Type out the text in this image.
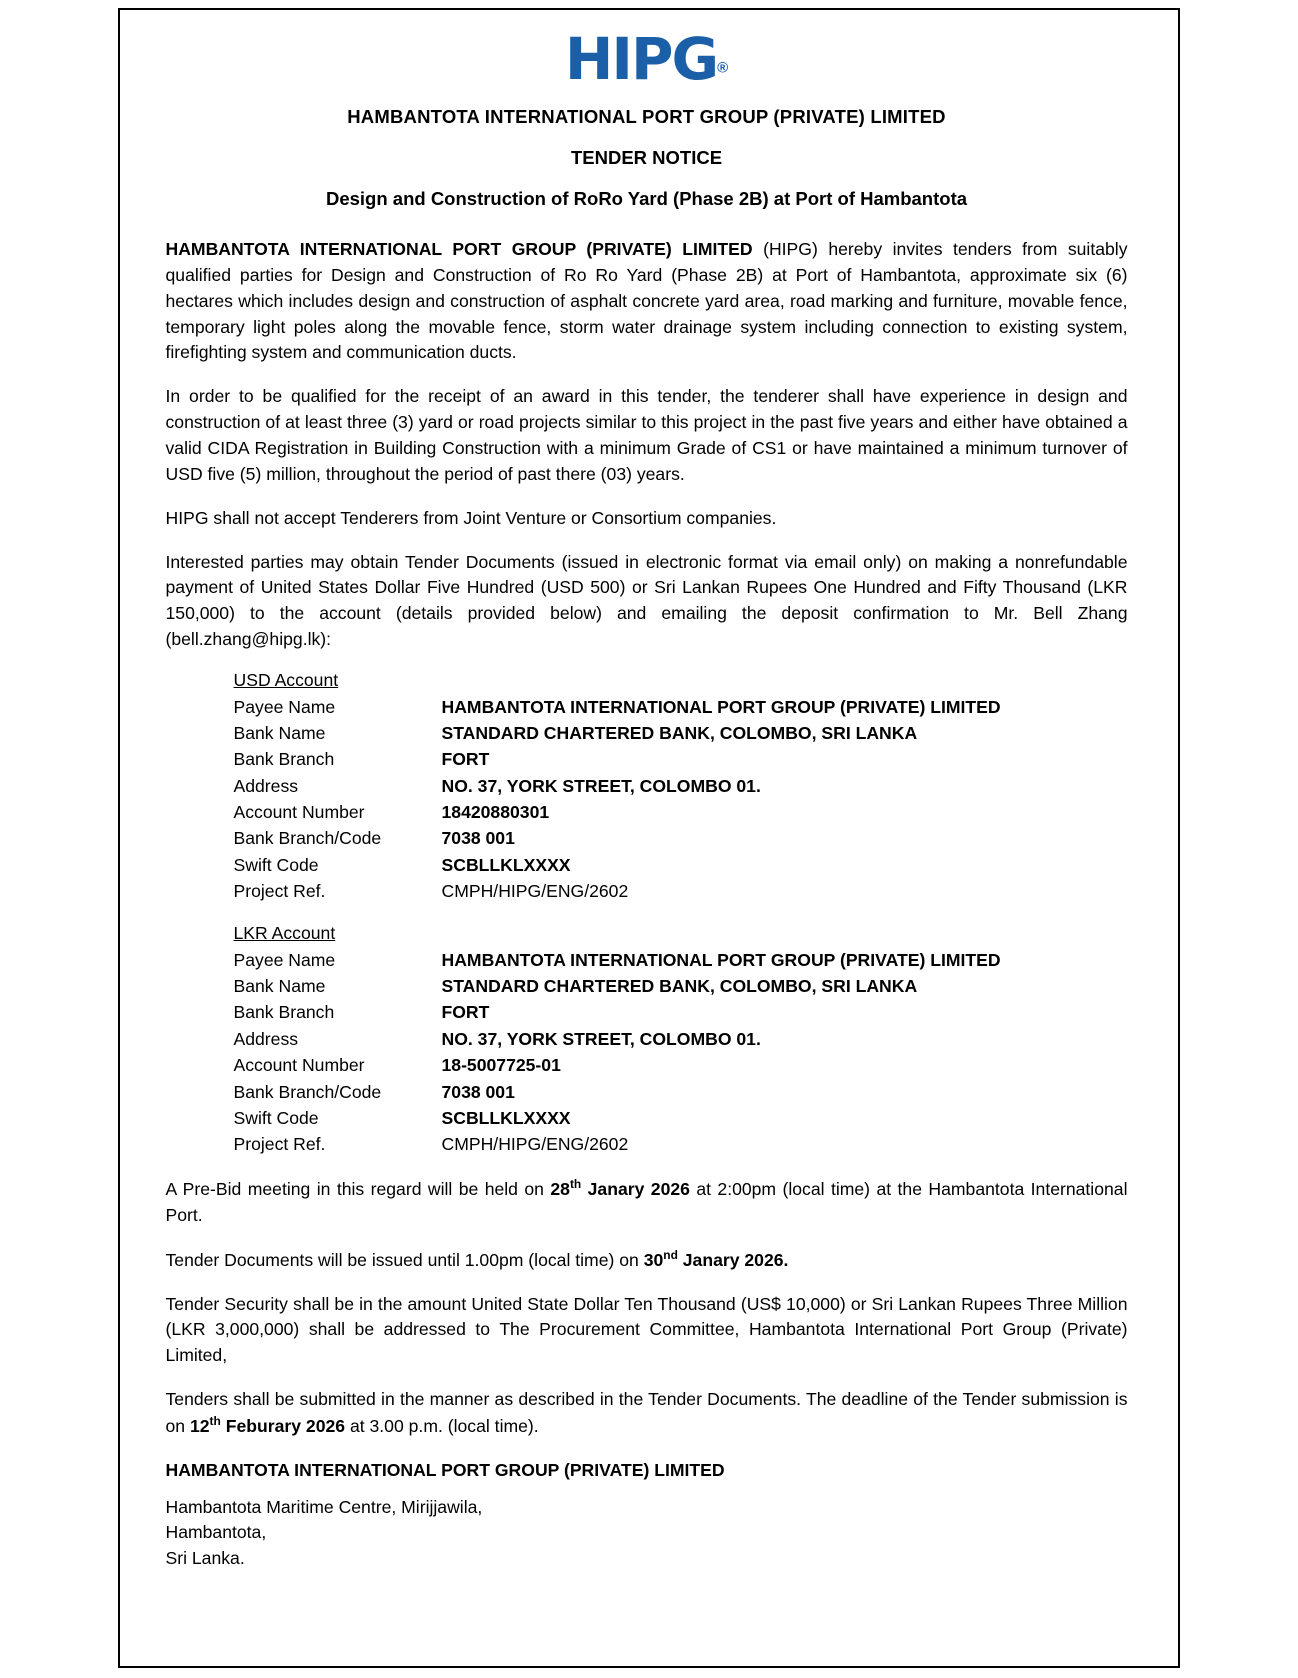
HIPG®
HAMBANTOTA INTERNATIONAL PORT GROUP (PRIVATE) LIMITED
TENDER NOTICE
Design and Construction of RoRo Yard (Phase 2B) at Port of Hambantota

HAMBANTOTA INTERNATIONAL PORT GROUP (PRIVATE) LIMITED (HIPG) hereby invites tenders from suitably qualified parties for Design and Construction of Ro Ro Yard (Phase 2B) at Port of Hambantota, approximate six (6) hectares which includes design and construction of asphalt concrete yard area, road marking and furniture, movable fence, temporary light poles along the movable fence, storm water drainage system including connection to existing system, firefighting system and communication ducts.

In order to be qualified for the receipt of an award in this tender, the tenderer shall have experience in design and construction of at least three (3) yard or road projects similar to this project in the past five years and either have obtained a valid CIDA Registration in Building Construction with a minimum Grade of CS1 or have maintained a minimum turnover of USD five (5) million, throughout the period of past there (03) years.

HIPG shall not accept Tenderers from Joint Venture or Consortium companies.

Interested parties may obtain Tender Documents (issued in electronic format via email only) on making a nonrefundable payment of United States Dollar Five Hundred (USD 500) or Sri Lankan Rupees One Hundred and Fifty Thousand (LKR 150,000) to the account (details provided below) and emailing the deposit confirmation to Mr. Bell Zhang (bell.zhang@hipg.lk):

USD Account
Payee Name	HAMBANTOTA INTERNATIONAL PORT GROUP (PRIVATE) LIMITED
Bank Name	STANDARD CHARTERED BANK, COLOMBO, SRI LANKA
Bank Branch	FORT
Address	NO. 37, YORK STREET, COLOMBO 01.
Account Number	18420880301
Bank Branch/Code	7038 001
Swift Code	SCBLLKLXXXX
Project Ref.	CMPH/HIPG/ENG/2602
LKR Account
Payee Name	HAMBANTOTA INTERNATIONAL PORT GROUP (PRIVATE) LIMITED
Bank Name	STANDARD CHARTERED BANK, COLOMBO, SRI LANKA
Bank Branch	FORT
Address	NO. 37, YORK STREET, COLOMBO 01.
Account Number	18-5007725-01
Bank Branch/Code	7038 001
Swift Code	SCBLLKLXXXX
Project Ref.	CMPH/HIPG/ENG/2602

A Pre-Bid meeting in this regard will be held on 28th Janary 2026 at 2:00pm (local time) at the Hambantota International Port.

Tender Documents will be issued until 1.00pm (local time) on 30nd Janary 2026.

Tender Security shall be in the amount United State Dollar Ten Thousand (US$ 10,000) or Sri Lankan Rupees Three Million (LKR 3,000,000) shall be addressed to The Procurement Committee, Hambantota International Port Group (Private) Limited,

Tenders shall be submitted in the manner as described in the Tender Documents. The deadline of the Tender submission is on 12th Feburary 2026 at 3.00 p.m. (local time).

HAMBANTOTA INTERNATIONAL PORT GROUP (PRIVATE) LIMITED
Hambantota Maritime Centre, Mirijjawila,
Hambantota,
Sri Lanka.
